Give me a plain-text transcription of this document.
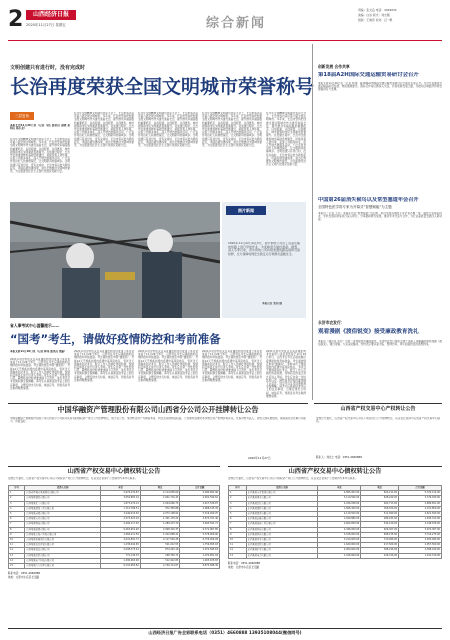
2	山西经济日报
2020年11月27日 星期五	综合新闻
责编：张文良 电话：4049834
美编：白冰 版式：刘志刚
组版：王晓萍 校对：吕一帆
文明创建只有进行时，没有完成时
长治再度荣获全国文明城市荣誉称号
三层复角
本报长治11月26日讯（记者 马钰 通讯员 秦晓 秦明山 杨小龙）
在今年全国精神文明建设表彰大会上，长治市成功获评第六届全国文明城市。多年来，长治市坚持把创建全国文明城市作为建设美丽长治、提升群众幸福指数的重要抓手，以创促建、以创促管、以创惠民，城市面貌和市民文明素质显著提升。在创建过程中，长治市全面推进城市基础设施建设，持续改善人居环境，完善公共服务体系，深入开展志愿服务活动，广泛宣传身边好人和道德模范，让文明新风吹遍城乡。文明创建只有进行时，没有完成时，长治市将以此为新的起点，巩固拓展创建成果，常态长效推进文明城市建设，为全面建设社会主义现代化国家贡献力量。
在今年全国精神文明建设表彰大会上，长治市成功获评第六届全国文明城市。多年来，长治市坚持把创建全国文明城市作为建设美丽长治、提升群众幸福指数的重要抓手，以创促建、以创促管、以创惠民，城市面貌和市民文明素质显著提升。在创建过程中，长治市全面推进城市基础设施建设，持续改善人居环境，完善公共服务体系，深入开展志愿服务活动，广泛宣传身边好人和道德模范，让文明新风吹遍城乡。文明创建只有进行时，没有完成时，长治市将以此为新的起点，巩固拓展创建成果，常态长效推进文明城市建设，为全面建设社会主义现代化国家贡献力量。
在今年全国精神文明建设表彰大会上，长治市成功获评第六届全国文明城市。多年来，长治市坚持把创建全国文明城市作为建设美丽长治、提升群众幸福指数的重要抓手，以创促建、以创促管、以创惠民，城市面貌和市民文明素质显著提升。在创建过程中，长治市全面推进城市基础设施建设，持续改善人居环境，完善公共服务体系，深入开展志愿服务活动，广泛宣传身边好人和道德模范，让文明新风吹遍城乡。文明创建只有进行时，没有完成时，长治市将以此为新的起点，巩固拓展创建成果，常态长效推进文明城市建设，为全面建设社会主义现代化国家贡献力量。
在今年全国精神文明建设表彰大会上，长治市成功获评第六届全国文明城市。多年来，长治市坚持把创建全国文明城市作为建设美丽长治、提升群众幸福指数的重要抓手，以创促建、以创促管、以创惠民，城市面貌和市民文明素质显著提升。在创建过程中，长治市全面推进城市基础设施建设，持续改善人居环境，完善公共服务体系，深入开展志愿服务活动，广泛宣传身边好人和道德模范，让文明新风吹遍城乡。文明创建只有进行时，没有完成时，长治市将以此为新的起点，巩固拓展创建成果，常态长效推进文明城市建设，为全面建设社会主义现代化国家贡献力量。
在今年全国精神文明建设表彰大会上，长治市成功获评第六届全国文明城市。多年来，长治市坚持把创建全国文明城市作为建设美丽长治、提升群众幸福指数的重要抓手，以创促建、以创促管、以创惠民，城市面貌和市民文明素质显著提升。在创建过程中，长治市全面推进城市基础设施建设，持续改善人居环境，完善公共服务体系，深入开展志愿服务活动，广泛宣传身边好人和道德模范，让文明新风吹遍城乡。文明创建只有进行时，没有完成时，长治市将以此为新的起点，巩固拓展创建成果，常态长效推进文明城市建设，为全面建设社会主义现代化国家贡献力量。
图片新闻
2020年11月22日9点3分，晋中供电公司员工在高压输电线路上进行带电作业，为迎峰度冬做好准备。据悉，进入冬季以来，晋中供电公司持续加强线路巡视和设备检修，全力保障电网安全稳定运行和群众温暖过冬。
本报记者 张羽 摄
省人事考试中心温馨提示——
“国考”考生，请做好疫情防控和考前准备
本报太原11月26日讯（记者 韩伟 通讯员 张丽）
2021年度中央机关及其直属机构考试录用公务员笔试将于11月29日举行，山西考区考生应提前做好疫情防控和考前准备。考生须按规定申领“健康码”，考前14天不得前往国内疫情中高风险地区，考试当天须提前到达考点，配合工作人员做好体温检测，持绿码且体温正常方可进入考场。考生应自备一次性医用口罩，除核验身份时按要求摘下口罩外，进出考点及考试期间须全程佩戴。请考生认真阅读准考证上的注意事项，合理安排出行时间，诚信应考，预祝各位考生取得理想成绩。
2021年度中央机关及其直属机构考试录用公务员笔试将于11月29日举行，山西考区考生应提前做好疫情防控和考前准备。考生须按规定申领“健康码”，考前14天不得前往国内疫情中高风险地区，考试当天须提前到达考点，配合工作人员做好体温检测，持绿码且体温正常方可进入考场。考生应自备一次性医用口罩，除核验身份时按要求摘下口罩外，进出考点及考试期间须全程佩戴。请考生认真阅读准考证上的注意事项，合理安排出行时间，诚信应考，预祝各位考生取得理想成绩。
2021年度中央机关及其直属机构考试录用公务员笔试将于11月29日举行，山西考区考生应提前做好疫情防控和考前准备。考生须按规定申领“健康码”，考前14天不得前往国内疫情中高风险地区，考试当天须提前到达考点，配合工作人员做好体温检测，持绿码且体温正常方可进入考场。考生应自备一次性医用口罩，除核验身份时按要求摘下口罩外，进出考点及考试期间须全程佩戴。请考生认真阅读准考证上的注意事项，合理安排出行时间，诚信应考，预祝各位考生取得理想成绩。
2021年度中央机关及其直属机构考试录用公务员笔试将于11月29日举行，山西考区考生应提前做好疫情防控和考前准备。考生须按规定申领“健康码”，考前14天不得前往国内疫情中高风险地区，考试当天须提前到达考点，配合工作人员做好体温检测，持绿码且体温正常方可进入考场。考生应自备一次性医用口罩，除核验身份时按要求摘下口罩外，进出考点及考试期间须全程佩戴。请考生认真阅读准考证上的注意事项，合理安排出行时间，诚信应考，预祝各位考生取得理想成绩。
2021年度中央机关及其直属机构考试录用公务员笔试将于11月29日举行，山西考区考生应提前做好疫情防控和考前准备。考生须按规定申领“健康码”，考前14天不得前往国内疫情中高风险地区，考试当天须提前到达考点，配合工作人员做好体温检测，持绿码且体温正常方可进入考场。考生应自备一次性医用口罩，除核验身份时按要求摘下口罩外，进出考点及考试期间须全程佩戴。请考生认真阅读准考证上的注意事项，合理安排出行时间，诚信应考，预祝各位考生取得理想成绩。
创新发展 合作共享
第18届A2H国际交通运输贸易研讨会召开
本报太原11月26日讯（记者 刘伟）第18届A2H国际交通运输贸易研讨会日前在太原召开。与会代表围绕交通运输高质量发展、物流通道建设、国际合作等议题深入交流，共谋创新发展之路，为推动区域经济协同发展提供有力支撑。
中国第26届消失候鸟以及常型塞道年会召开
全国特色医学将专家为开幕式“智慧赋能”为主题
本报讯（记者 王芳）本届年会以“智慧赋能”为主题，来自全国各地的专家学者齐聚一堂，围绕行业前沿技术、学科发展趋势等进行深入研讨，分享最新研究成果，推动学术交流与合作，为行业高质量发展注入新动能。
永济市农发行：
观看漫剧《渡俗锐变》接受廉政教育洗礼
本报讯（通讯员 张宏）为进一步加强党风廉政建设，永济市农发行组织全体干部职工观看廉政教育漫剧《渡俗锐变》。通过观看，大家深受触动，纷纷表示要以案为鉴、警钟长鸣，筑牢拒腐防变的思想防线。
中国华融资产管理股份有限公司山西省分公司公开挂牌转让公告
中国华融资产管理股份有限公司山西省分公司拟对其持有的债权资产进行公开挂牌转让，现予以公告。本次转让资产为债权本金、利息及其他相关权益。公告期内受理对本次转让资产的询价和异议。交易对象为法人、自然人或其他组织，须具备完全民事行为能力，资信良好。
2020年11月27日
山西省产权交易中心产权转让公告
受转让方委托，山西省产权交易中心对以下项目进行公开挂牌转让，有意受让者请与山西省产权交易中心联系。
联系人：刘女士 电话：0351-4660888
山西省产权交易中心债权转让公告
受转让方委托，山西省产权交易中心对以下债权资产进行公开挂牌转让，有意受让者请于公告期内与本中心联系。
序号	债务人名称	本金	利息	合计金额
1	山西省晋城市某某煤炭有限公司	2,976,234.87	2,114,658.09	5,090,892.96
2	山西某某钢铁有限公司	3,059,883.19	1,842,716.43	4,902,599.62
3	山西某某化工有限公司	1,873,470.14	1,044,066.73	2,917,536.87
4	山西某某建设工程有限公司	1,715,786.51	972,358.88	2,688,145.39
5	山西某某商贸有限公司	3,246,010.63	2,073,198.62	5,319,209.25
6	山西某某实业有限公司	2,372,523.18	1,301,178.22	3,673,701.40
7	山西某某物流有限公司	2,406,117.92	1,289,473.79	3,695,591.71
8	山西某某能源有限公司	6,463,651.48	2,908,316.37	9,371,967.85
9	山西某某房地产开发有限公司	3,466,211.59	1,912,688.41	5,378,900.00
10	山西某某机械制造有限公司	4,641,891.73	2,117,564.36	6,759,456.09
11	山西某某农业开发有限公司	1,238,642.65	521,012.53	1,759,655.18
12	山西某某食品有限公司	2,098,375.44	874,220.19	2,972,595.63
13	山西某某纺织有限公司	772,144.33	298,706.71	1,070,851.04
14	山西某某电子科技有限公司	1,390,663.00	512,442.83	1,903,105.83
15	山西某某汽车销售有限公司	6,132,983.82	2,740,114.67	8,873,098.49
联系电话：0351-4660888
地址：太原市小店区长治路
山西省产权交易中心债权转让公告
受转让方委托，山西省产权交易中心对以下债权资产进行公开挂牌转让，有意受让者请于公告期内与本中心联系。
序号	债务人名称	本金	利息	合计金额
1	山西某某实业集团有限公司	4,895,903.00	824,211.00	5,720,114.00
2	山西某某煤业有限公司	3,110,590.00	628,440.00	3,739,030.00
3	山西某某焦化有限公司	2,226,938.00	462,713.00	2,689,651.00
4	山西某某建材有限公司	1,846,300.00	306,550.00	2,152,850.00
5	山西某某贸易有限公司	2,110,500.00	511,090.00	2,621,590.00
6	山西某某运输有限公司	1,640,880.00	289,433.00	1,930,313.00
7	山西某某装饰工程有限公司	2,604,850.00	544,120.00	3,148,970.00
8	山西某某科技有限公司	2,446,000.00	626,307.00	3,072,307.00
9	山西某某医药有限公司	3,018,000.00	698,275.00	3,716,275.00
10	山西某某置业有限公司	3,210,000.00	720,480.00	3,930,480.00
11	山西某某农牧有限公司	1,640,000.00	417,500.00	2,057,500.00
12	山西某某矿业有限公司	2,000,000.00	388,240.00	2,388,240.00
13	山西某某电力有限公司	1,018,000.00	226,310.00	1,244,310.00
联系电话：0351-4660888
地址：太原市小店区长治路
山西经济日报广告全彩联系电话（0351）4660888 13935108044(微信同号)
